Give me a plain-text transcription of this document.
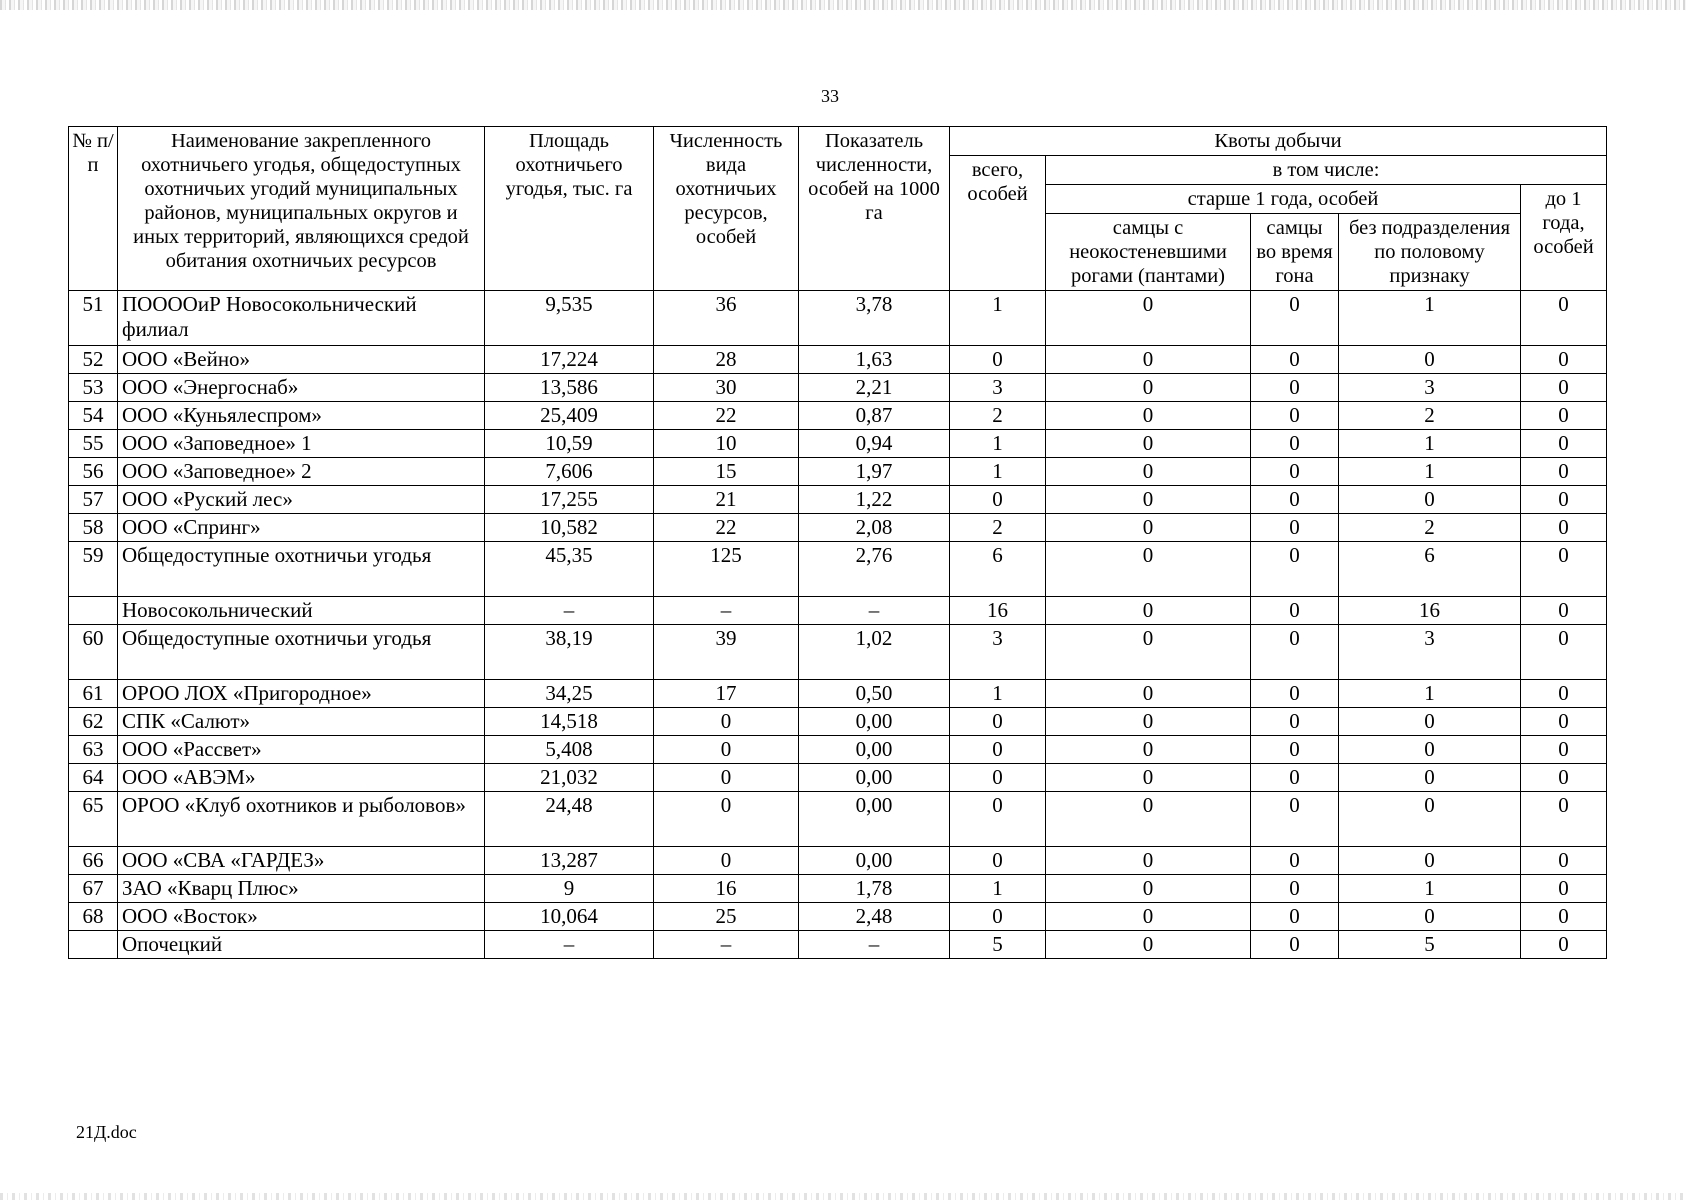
33
№ п/п	Наименование закрепленного охотничьего угодья, общедоступных охотничьих угодий муниципальных районов, муниципальных округов и иных территорий, являющихся средой обитания охотничьих ресурсов	Площадь охотничьего угодья, тыс. га	Численность вида охотничьих ресурсов, особей	Показатель численности, особей на 1000 га	Квоты добычи				
					всего, особей	в том числе:			
						старше 1 года, особей			до 1 года, особей
						самцы с неокостеневшими рогами (пантами)	самцы во время гона	без подразделения по половому признаку	
51	ПООООиР Новосокольнический филиал	9,535	36	3,78	1	0	0	1	0
52	ООО «Вейно»	17,224	28	1,63	0	0	0	0	0
53	ООО «Энергоснаб»	13,586	30	2,21	3	0	0	3	0
54	ООО «Куньялеспром»	25,409	22	0,87	2	0	0	2	0
55	ООО «Заповедное» 1	10,59	10	0,94	1	0	0	1	0
56	ООО «Заповедное» 2	7,606	15	1,97	1	0	0	1	0
57	ООО «Руский лес»	17,255	21	1,22	0	0	0	0	0
58	ООО «Спринг»	10,582	22	2,08	2	0	0	2	0
59	Общедоступные охотничьи угодья	45,35	125	2,76	6	0	0	6	0
	Новосокольнический	–	–	–	16	0	0	16	0
60	Общедоступные охотничьи угодья	38,19	39	1,02	3	0	0	3	0
61	ОРОО ЛОХ «Пригородное»	34,25	17	0,50	1	0	0	1	0
62	СПК «Салют»	14,518	0	0,00	0	0	0	0	0
63	ООО «Рассвет»	5,408	0	0,00	0	0	0	0	0
64	ООО «АВЭМ»	21,032	0	0,00	0	0	0	0	0
65	ОРОО «Клуб охотников и рыболовов»	24,48	0	0,00	0	0	0	0	0
66	ООО «СВА «ГАРДЕЗ»	13,287	0	0,00	0	0	0	0	0
67	ЗАО «Кварц Плюс»	9	16	1,78	1	0	0	1	0
68	ООО «Восток»	10,064	25	2,48	0	0	0	0	0
	Опочецкий	–	–	–	5	0	0	5	0
21Д.doc
